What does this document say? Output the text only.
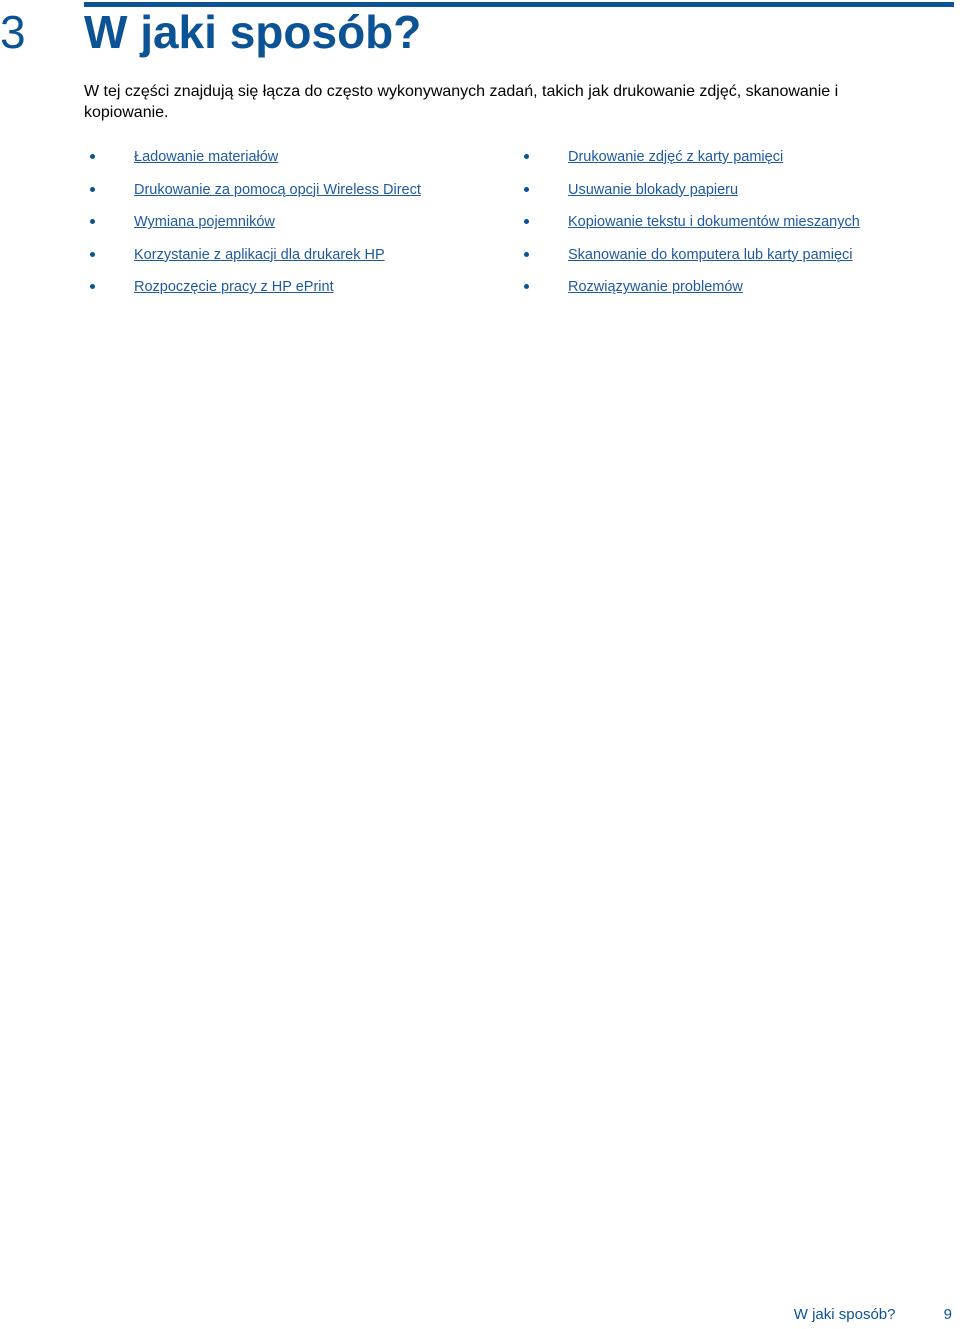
3 W jaki sposób?

W tej części znajdują się łącza do często wykonywanych zadań, takich jak drukowanie zdjęć, skanowanie i kopiowanie.

Ładowanie materiałów
Drukowanie za pomocą opcji Wireless Direct
Wymiana pojemników
Korzystanie z aplikacji dla drukarek HP
Rozpoczęcie pracy z HP ePrint
Drukowanie zdjęć z karty pamięci
Usuwanie blokady papieru
Kopiowanie tekstu i dokumentów mieszanych
Skanowanie do komputera lub karty pamięci
Rozwiązywanie problemów
W jaki sposób?	9
